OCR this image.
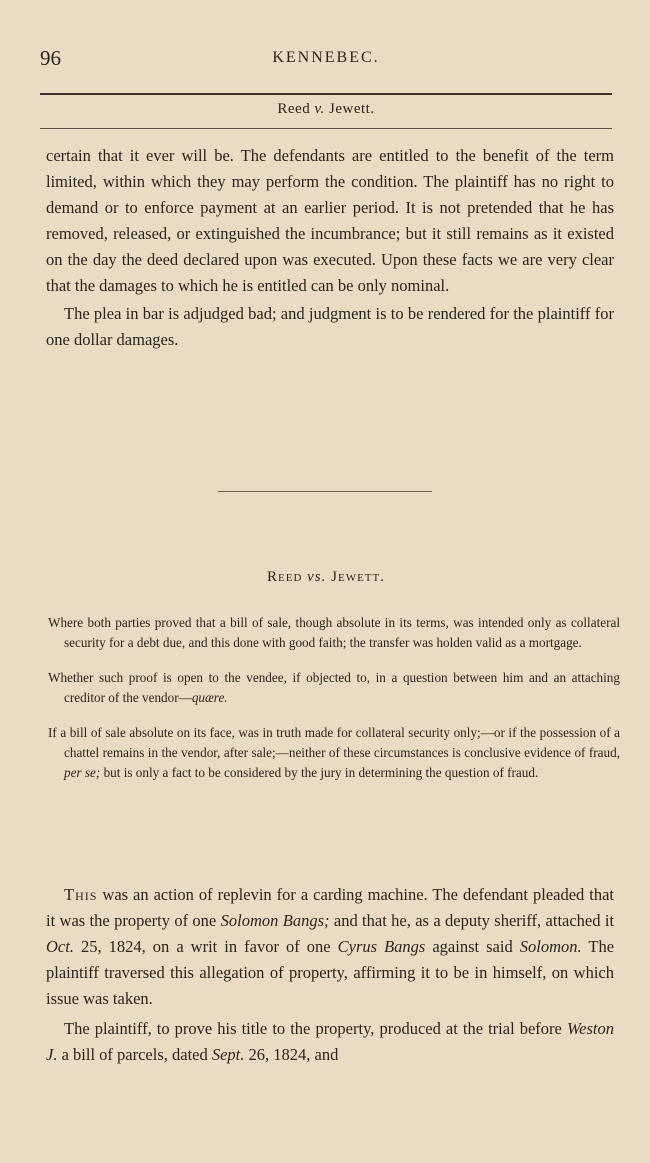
96	KENNEBEC.
Reed v. Jewett.

certain that it ever will be. The defendants are entitled to the benefit of the term limited, within which they may perform the condition. The plaintiff has no right to demand or to enforce payment at an earlier period. It is not pretended that he has removed, released, or extinguished the incumbrance; but it still remains as it existed on the day the deed declared upon was executed. Upon these facts we are very clear that the damages to which he is entitled can be only nominal.

The plea in bar is adjudged bad; and judgment is to be rendered for the plaintiff for one dollar damages.

Reed vs. Jewett.

Where both parties proved that a bill of sale, though absolute in its terms, was intended only as collateral security for a debt due, and this done with good faith; the transfer was holden valid as a mortgage.

Whether such proof is open to the vendee, if objected to, in a question between him and an attaching creditor of the vendor—quære.

If a bill of sale absolute on its face, was in truth made for collateral security only;—or if the possession of a chattel remains in the vendor, after sale;—neither of these circumstances is conclusive evidence of fraud, per se; but is only a fact to be considered by the jury in determining the question of fraud.

This was an action of replevin for a carding machine. The defendant pleaded that it was the property of one Solomon Bangs; and that he, as a deputy sheriff, attached it Oct. 25, 1824, on a writ in favor of one Cyrus Bangs against said Solomon. The plaintiff traversed this allegation of property, affirming it to be in himself, on which issue was taken.

The plaintiff, to prove his title to the property, produced at the trial before Weston J. a bill of parcels, dated Sept. 26, 1824, and
